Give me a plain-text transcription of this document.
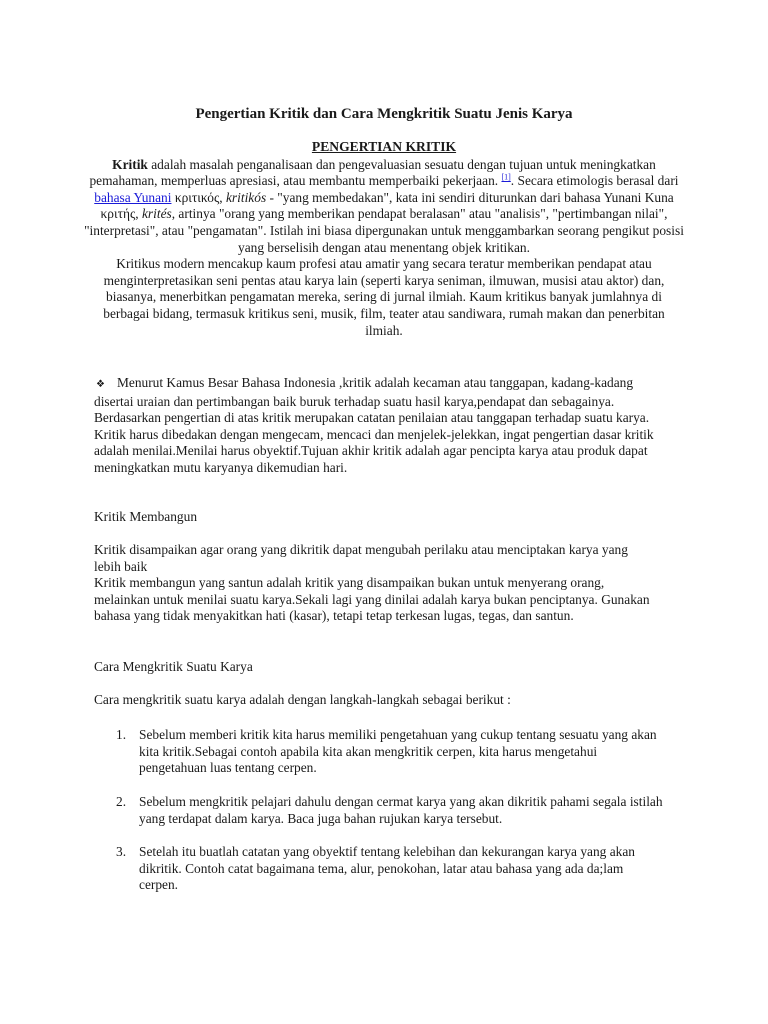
Pengertian Kritik dan Cara Mengkritik Suatu Jenis Karya
PENGERTIAN KRITIK
Kritik adalah masalah penganalisaan dan pengevaluasian sesuatu dengan tujuan untuk meningkatkan pemahaman, memperluas apresiasi, atau membantu memperbaiki pekerjaan. [1]. Secara etimologis berasal dari bahasa Yunani κριτικός, kritikós - "yang membedakan", kata ini sendiri diturunkan dari bahasa Yunani Kuna κριτής, krités, artinya "orang yang memberikan pendapat beralasan" atau "analisis", "pertimbangan nilai", "interpretasi", atau "pengamatan". Istilah ini biasa dipergunakan untuk menggambarkan seorang pengikut posisi yang berselisih dengan atau menentang objek kritikan.
Kritikus modern mencakup kaum profesi atau amatir yang secara teratur memberikan pendapat atau menginterpretasikan seni pentas atau karya lain (seperti karya seniman, ilmuwan, musisi atau aktor) dan, biasanya, menerbitkan pengamatan mereka, sering di jurnal ilmiah. Kaum kritikus banyak jumlahnya di berbagai bidang, termasuk kritikus seni, musik, film, teater atau sandiwara, rumah makan dan penerbitan ilmiah.
❖ Menurut Kamus Besar Bahasa Indonesia ,kritik adalah kecaman atau tanggapan, kadang-kadang disertai uraian dan pertimbangan baik buruk terhadap suatu hasil karya,pendapat dan sebagainya.
Berdasarkan pengertian di atas kritik merupakan catatan penilaian atau tanggapan terhadap suatu karya. Kritik harus dibedakan dengan mengecam, mencaci dan menjelek-jelekkan, ingat pengertian dasar kritik adalah menilai.Menilai harus obyektif.Tujuan akhir kritik adalah agar pencipta karya atau produk dapat meningkatkan mutu karyanya dikemudian hari.
Kritik Membangun
Kritik disampaikan agar orang yang dikritik dapat mengubah perilaku atau menciptakan karya yang lebih baik
Kritik membangun yang santun adalah kritik yang disampaikan bukan untuk menyerang orang, melainkan untuk menilai suatu karya.Sekali lagi yang dinilai adalah karya bukan penciptanya. Gunakan bahasa yang tidak menyakitkan hati (kasar), tetapi tetap terkesan lugas, tegas, dan santun.
Cara Mengkritik Suatu Karya
Cara mengkritik suatu karya adalah dengan langkah-langkah sebagai berikut :
1. Sebelum memberi kritik kita harus memiliki pengetahuan yang cukup tentang sesuatu yang akan kita kritik.Sebagai contoh apabila kita akan mengkritik cerpen, kita harus mengetahui pengetahuan luas tentang cerpen.
2. Sebelum mengkritik pelajari dahulu dengan cermat karya yang akan dikritik pahami segala istilah yang terdapat dalam karya. Baca juga bahan rujukan karya tersebut.
3. Setelah itu buatlah catatan yang obyektif tentang kelebihan dan kekurangan karya yang akan dikritik. Contoh catat bagaimana tema, alur, penokohan, latar atau bahasa yang ada da;lam cerpen.
